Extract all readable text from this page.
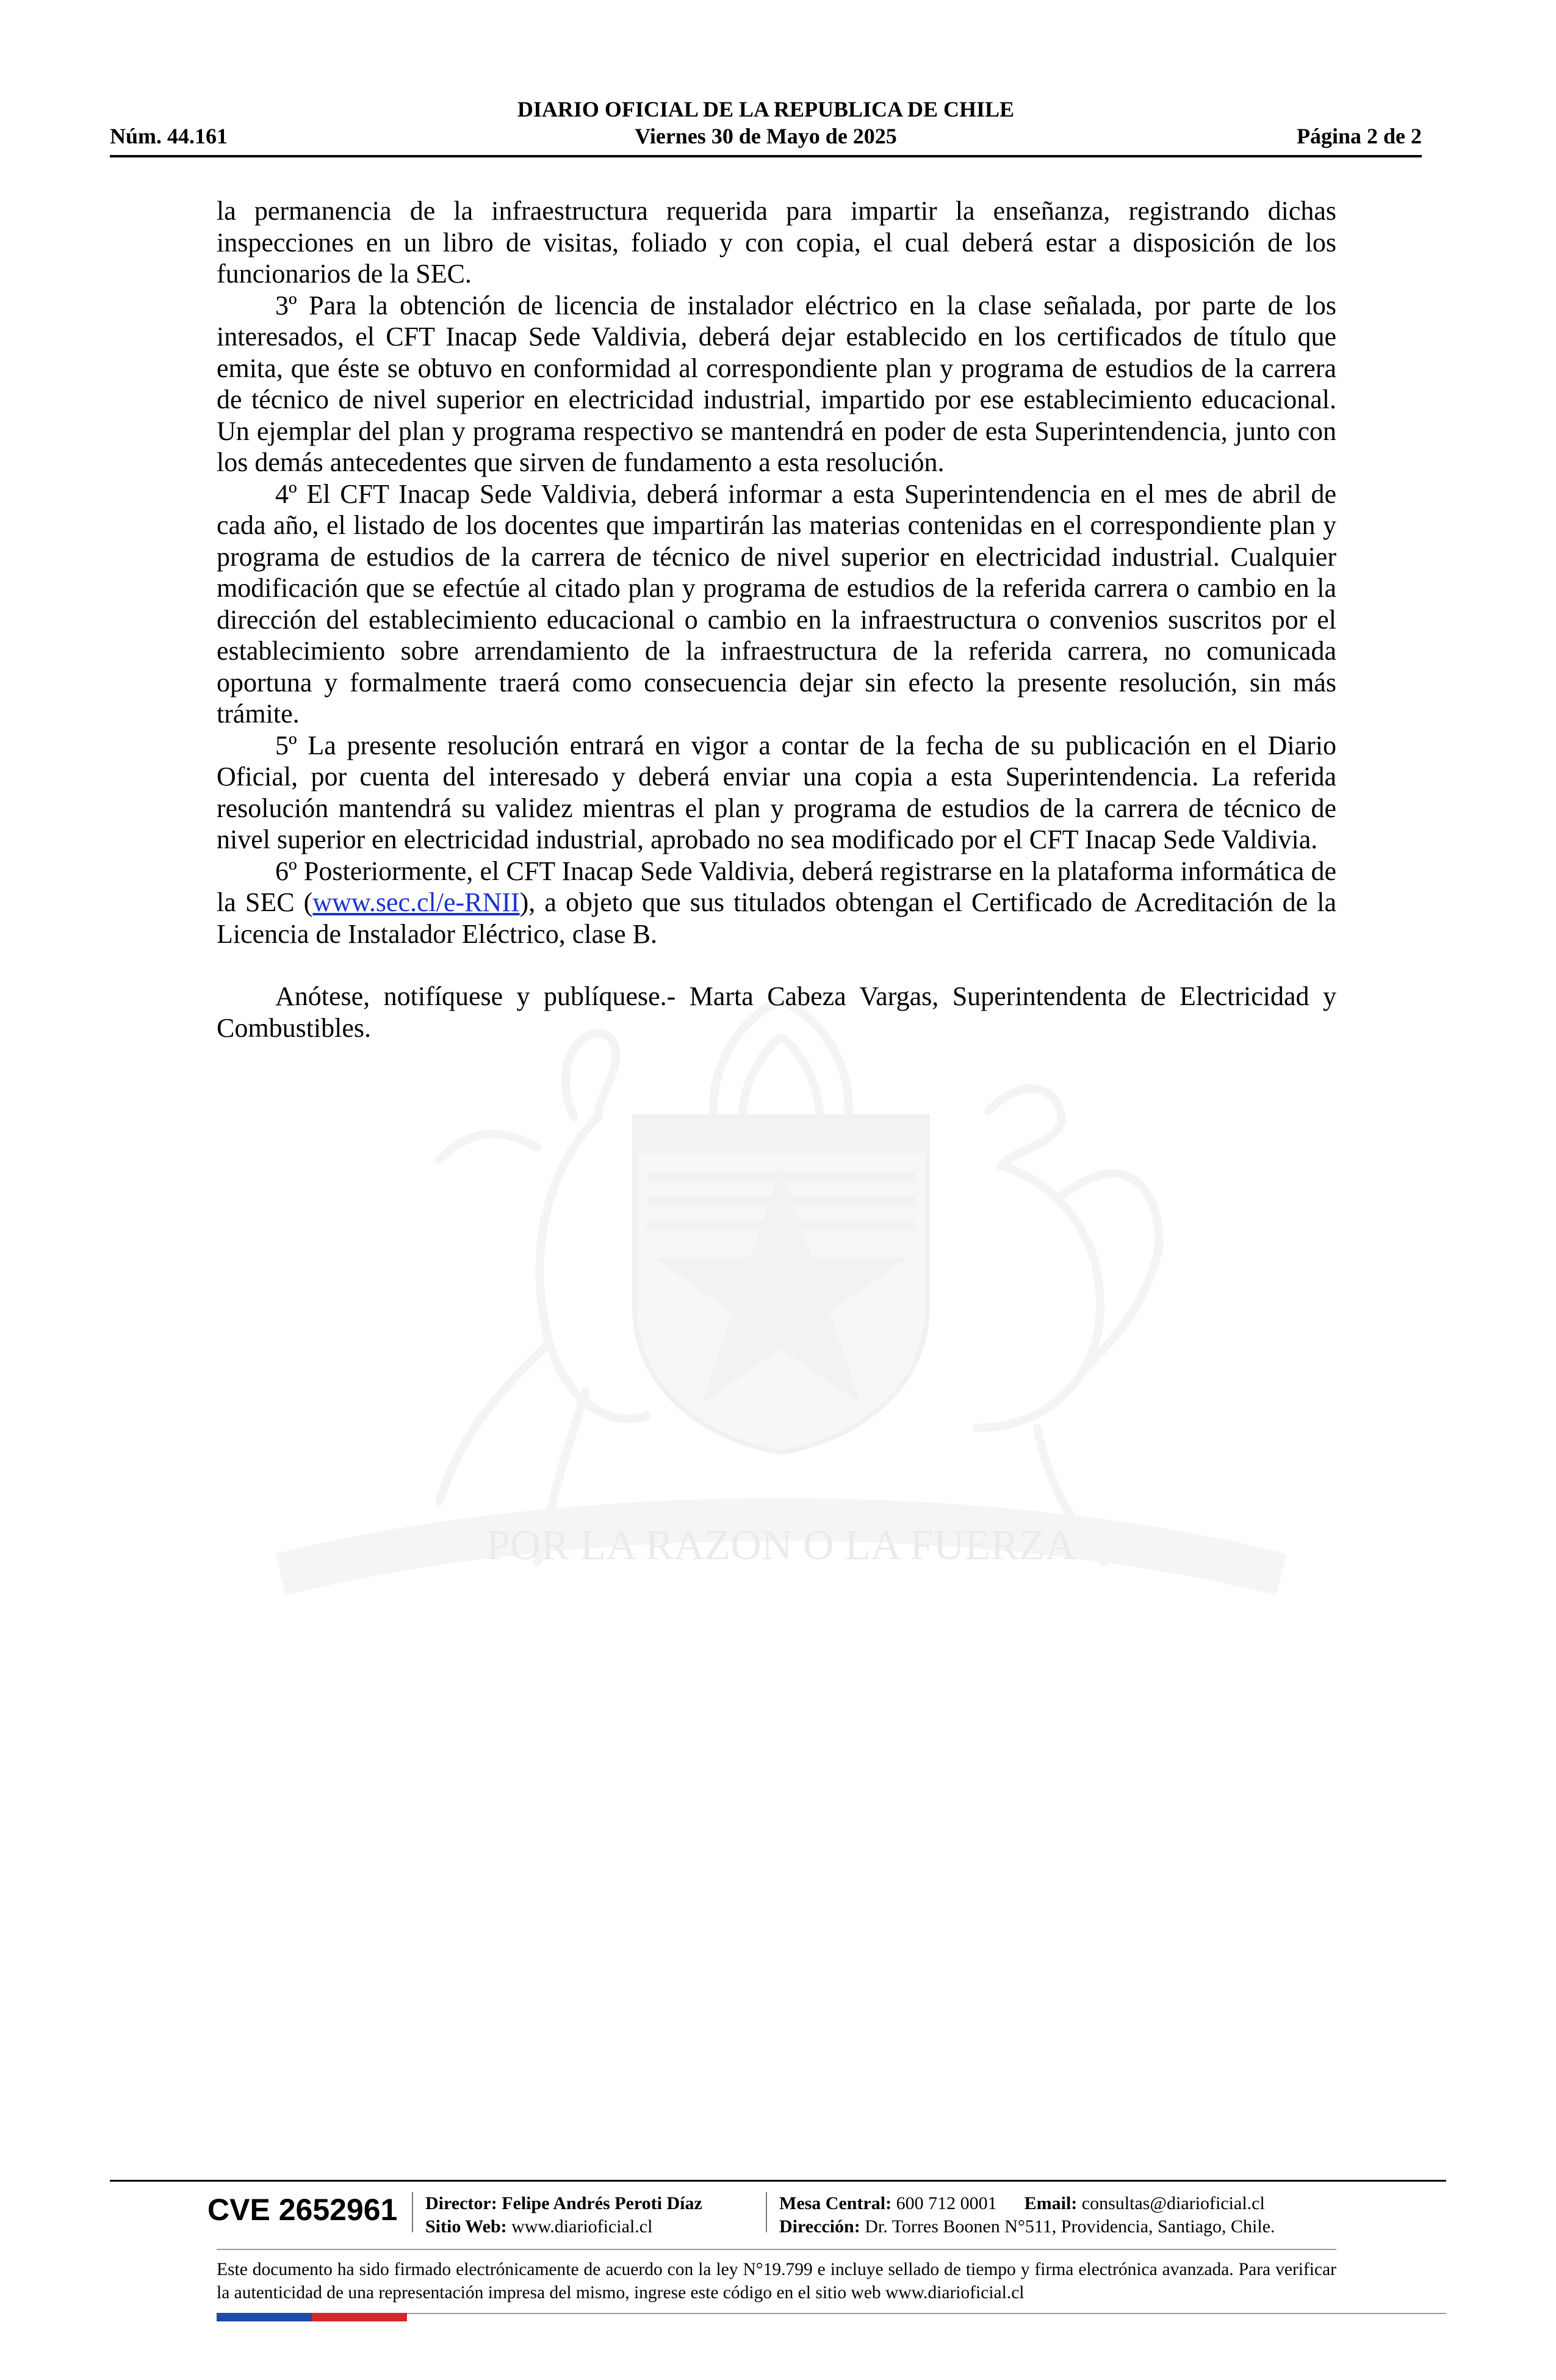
DIARIO OFICIAL DE LA REPUBLICA DE CHILE
Núm. 44.161	Viernes 30 de Mayo de 2025	Página 2 de 2
POR LA RAZON O LA FUERZA

la permanencia de la infraestructura requerida para impartir la enseñanza, registrando dichas inspecciones en un libro de visitas, foliado y con copia, el cual deberá estar a disposición de los funcionarios de la SEC.

3º Para la obtención de licencia de instalador eléctrico en la clase señalada, por parte de los interesados, el CFT Inacap Sede Valdivia, deberá dejar establecido en los certificados de título que emita, que éste se obtuvo en conformidad al correspondiente plan y programa de estudios de la carrera de técnico de nivel superior en electricidad industrial, impartido por ese establecimiento educacional. Un ejemplar del plan y programa respectivo se mantendrá en poder de esta Superintendencia, junto con los demás antecedentes que sirven de fundamento a esta resolución.

4º El CFT Inacap Sede Valdivia, deberá informar a esta Superintendencia en el mes de abril de cada año, el listado de los docentes que impartirán las materias contenidas en el correspondiente plan y programa de estudios de la carrera de técnico de nivel superior en electricidad industrial. Cualquier modificación que se efectúe al citado plan y programa de estudios de la referida carrera o cambio en la dirección del establecimiento educacional o cambio en la infraestructura o convenios suscritos por el establecimiento sobre arrendamiento de la infraestructura de la referida carrera, no comunicada oportuna y formalmente traerá como consecuencia dejar sin efecto la presente resolución, sin más trámite.

5º La presente resolución entrará en vigor a contar de la fecha de su publicación en el Diario Oficial, por cuenta del interesado y deberá enviar una copia a esta Superintendencia. La referida resolución mantendrá su validez mientras el plan y programa de estudios de la carrera de técnico de nivel superior en electricidad industrial, aprobado no sea modificado por el CFT Inacap Sede Valdivia.

6º Posteriormente, el CFT Inacap Sede Valdivia, deberá registrarse en la plataforma informática de la SEC (www.sec.cl/e-RNII), a objeto que sus titulados obtengan el Certificado de Acreditación de la Licencia de Instalador Eléctrico, clase B.

Anótese, notifíquese y publíquese.- Marta Cabeza Vargas, Superintendenta de Electricidad y Combustibles.

CVE 2652961 Director: Felipe Andrés Peroti Díaz
Sitio Web: www.diarioficial.cl
Mesa Central: 600 712 0001 Email: consultas@diarioficial.cl
Dirección: Dr. Torres Boonen N°511, Providencia, Santiago, Chile.
Este documento ha sido firmado electrónicamente de acuerdo con la ley N°19.799 e incluye sellado de tiempo y firma electrónica avanzada. Para verificar la autenticidad de una representación impresa del mismo, ingrese este código en el sitio web www.diarioficial.cl
